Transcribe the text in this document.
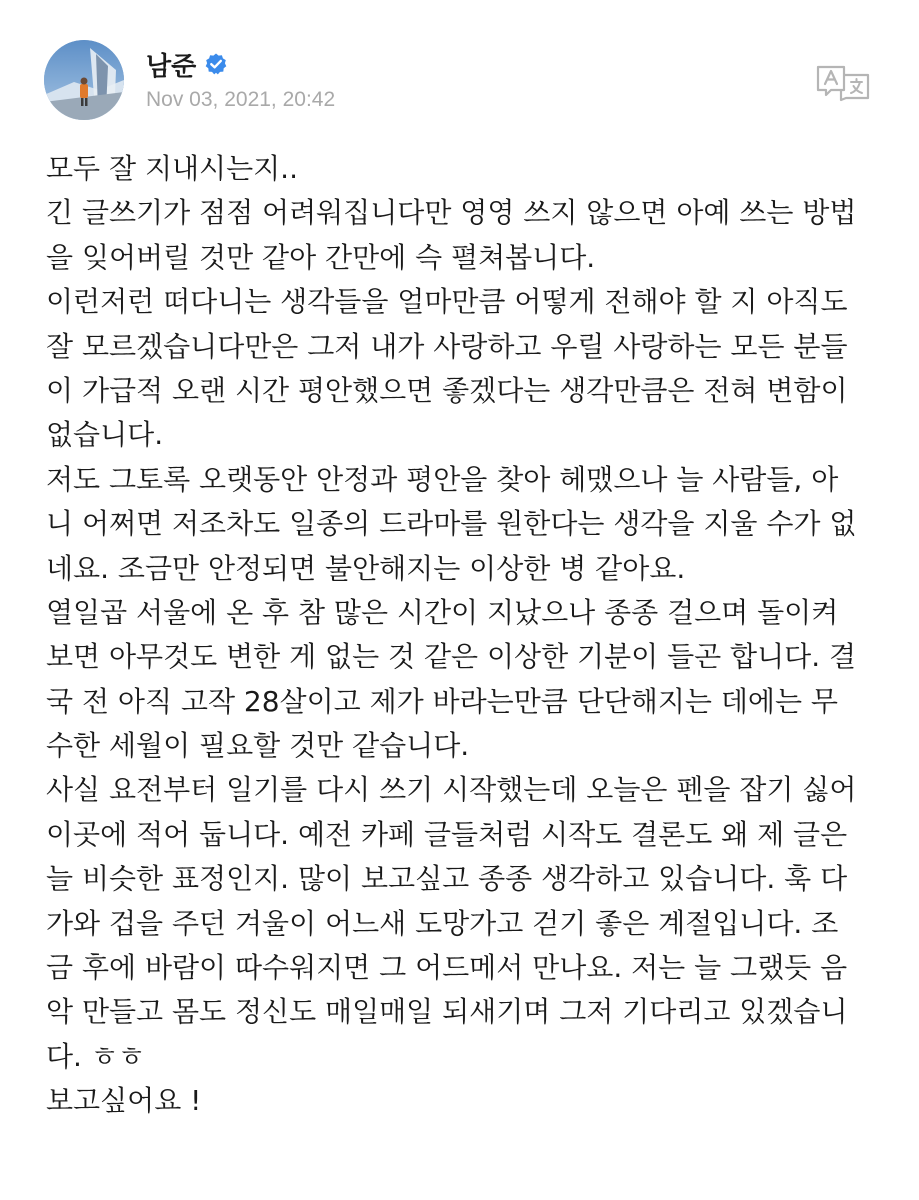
남준
Nov 03, 2021, 20:42
모두 잘 지내시는지..
긴 글쓰기가 점점 어려워집니다만 영영 쓰지 않으면 아예 쓰는 방법
을 잊어버릴 것만 같아 간만에 슥 펼쳐봅니다.
이런저런 떠다니는 생각들을 얼마만큼 어떻게 전해야 할 지 아직도
잘 모르겠습니다만은 그저 내가 사랑하고 우릴 사랑하는 모든 분들
이 가급적 오랜 시간 평안했으면 좋겠다는 생각만큼은 전혀 변함이
없습니다.
저도 그토록 오랫동안 안정과 평안을 찾아 헤맸으나 늘 사람들, 아
니 어쩌면 저조차도 일종의 드라마를 원한다는 생각을 지울 수가 없
네요. 조금만 안정되면 불안해지는 이상한 병 같아요.
열일곱 서울에 온 후 참 많은 시간이 지났으나 종종 걸으며 돌이켜
보면 아무것도 변한 게 없는 것 같은 이상한 기분이 들곤 합니다. 결
국 전 아직 고작 28살이고 제가 바라는만큼 단단해지는 데에는 무
수한 세월이 필요할 것만 같습니다.
사실 요전부터 일기를 다시 쓰기 시작했는데 오늘은 펜을 잡기 싫어
이곳에 적어 둡니다. 예전 카페 글들처럼 시작도 결론도 왜 제 글은
늘 비슷한 표정인지. 많이 보고싶고 종종 생각하고 있습니다. 훅 다
가와 겁을 주던 겨울이 어느새 도망가고 걷기 좋은 계절입니다. 조
금 후에 바람이 따수워지면 그 어드메서 만나요. 저는 늘 그랬듯 음
악 만들고 몸도 정신도 매일매일 되새기며 그저 기다리고 있겠습니
다. ㅎㅎ
보고싶어요 !
